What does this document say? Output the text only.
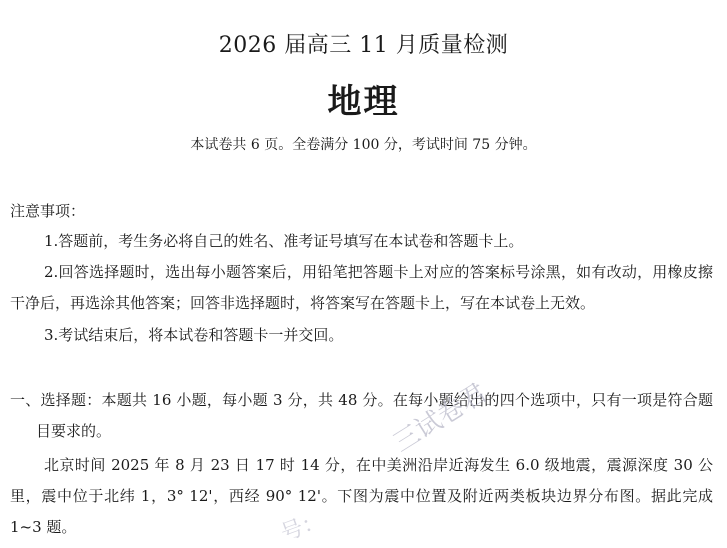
2026 届高三 11 月质量检测
地理
本试卷共 6 页。全卷满分 100 分，考试时间 75 分钟。
注意事项：
1.答题前，考生务必将自己的姓名、准考证号填写在本试卷和答题卡上。
2.回答选择题时，选出每小题答案后，用铅笔把答题卡上对应的答案标号涂黑，如有改动，用橡皮擦干净后，再选涂其他答案；回答非选择题时，将答案写在答题卡上，写在本试卷上无效。
3.考试结束后，将本试卷和答题卡一并交回。
一、选择题：本题共 16 小题，每小题 3 分，共 48 分。在每小题给出的四个选项中，只有一项是符合题目要求的。
北京时间 2025 年 8 月 23 日 17 时 14 分，在中美洲沿岸近海发生 6.0 级地震，震源深度 30 公里，震中位于北纬 1，3° 12'，西经 90° 12'。下图为震中位置及附近两类板块边界分布图。据此完成 1~3 题。
三试卷君
号：
